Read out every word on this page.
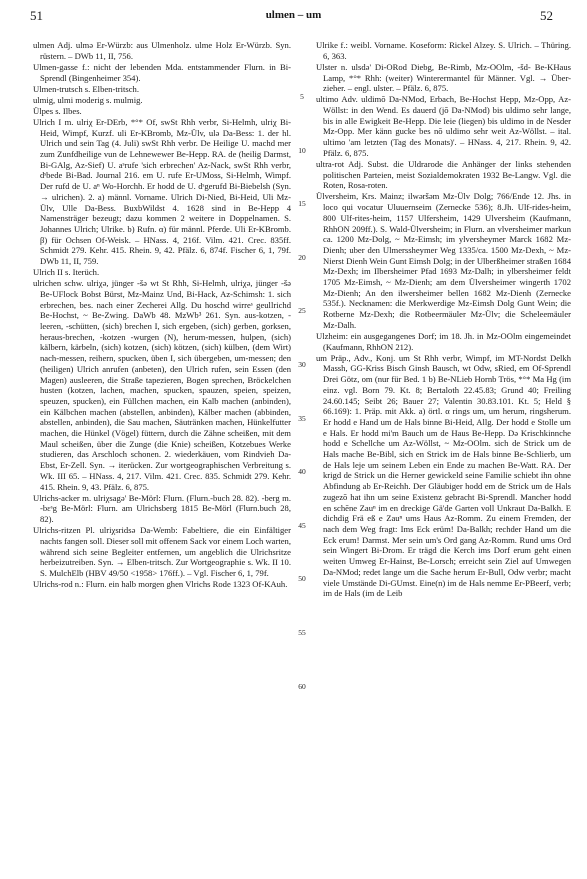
51	ulmen – um	52
5
10
15
20
25
30
35
40
45
50
55
60

ulmen Adj. ulmә Er-Würzb: aus Ulmenholz. ulme Holz Er-Würzb. Syn. rüstern. – DWb 11, II, 756.

Ulmen-gasse f.: nicht der lebenden Mda. entstammender Flurn. in Bi-Sprendl (Bingenheimer 354).

Ulmen-trutsch s. Elben-tritsch.

ulmig, ulmi moderig s. mulmig.

Ülpes s. Ilbes.

Ulrich I m. ulriχ Er-DErb, *°* Of, swSt Rhh verbr, Si-Helmh, ulriχ Bi-Heid, Wimpf, Kurzf. uli Er-KBromb, Mz-Ülv, ulә Da-Bess: 1. der hl. Ulrich und sein Tag (4. Juli) swSt Rhh verbr. De Heilige U. machd mer zum Zunfdheilige vun de Lehnewewer Be-Hepp. RA. de (heilig Darmst, Bi-GAlg, Az-Sief) U. aˢrufe 'sich erbrechen' Az-Nack, swSt Rhh verbr, dˢbede Bi-Bad. Journal 216. em U. rufe Er-UMoss, Si-Helmh, Wimpf. Der rufd de U. aⁿ Wo-Horchh. Er hodd de U. dˢgerufd Bi-Biebelsh (Syn. → ulrichen). 2. a) männl. Vorname. Ulrich Di-Nied, Bi-Heid, Uli Mz-Ülv, Ulle Da-Bess. BuxbWildst 4. 1628 sind in Be-Hepp 4 Namensträger bezeugt; dazu kommen 2 weitere in Doppelnamen. S. Johannes Ulrich; Ulrike. b) Rufn. α) für männl. Pferde. Uli Er-KBromb. β) für Ochsen Of-Weisk. – HNass. 4, 216f. Vilm. 421. Crec. 835ff. Schmidt 279. Kehr. 415. Rhein. 9, 42. Pfälz. 6, 874f. Fischer 6, 1, 79f. DWb 11, II, 759.

Ulrich II s. Iterüch.

ulrichen schw. ulriχә, jünger -šә wt St Rhh, Si-Helmh, ulriχә, jünger -šә Be-UFlock Bobst Bürst, Mz-Mainz Und, Bi-Hack, Az-Schimsh: 1. sich erbrechen, bes. nach einer Zecherei Allg. Du hoschd wirreˢ geullrichd Be-Hochst, ~ Be-Zwing. DaWb 48. MzWb³ 261. Syn. aus-kotzen, -leeren, -schütten, (sich) brechen I, sich ergeben, (sich) gerben, gorksen, heraus-brechen, -kotzen -wurgen (N), herum-messen, hulpen, (sich) kälbern, kärbeln, (sich) kotzen, (sich) kötzen, (sich) külben, (dem Wirt) nach-messen, reihern, spucken, üben I, sich übergeben, um-messen; den (heiligen) Ulrich anrufen (anbeten), den Ulrich rufen, sein Essen (den Magen) ausleeren, die Straße tapezieren, Bogen sprechen, Bröckelchen husten (kotzen, lachen, machen, spucken, spauzen, speien, speizen, speuzen, spucken), ein Füllchen machen, ein Kalb machen (anbinden), ein Kälbchen machen (abstellen, anbinden), Kälber machen (abbinden, abstellen, anbinden), die Sau machen, Säutränken machen, Hünkelfutter machen, die Hünkel (Vögel) füttern, durch die Zähne scheißen, mit dem Maul scheißen, über die Zunge (die Knie) scheißen, Kotzebues Werke studieren, das Arschloch schonen. 2. wiederkäuen, vom Rindvieh Da-Ebst, Er-Zell. Syn. → iterücken. Zur wortgeographischen Verbreitung s. Wk. III 65. – HNass. 4, 217. Vilm. 421. Crec. 835. Schmidt 279. Kehr. 415. Rhein. 9, 43. Pfälz. 6, 875.

Ulrichs-acker m. ulriχsagә' Be-Mörl: Flurn. (Flurn.-buch 28. 82). -berg m. -bεˢg Be-Mörl: Flurn. am Ulrichsberg 1815 Be-Mörl (Flurn.buch 28, 82).

Ulrichs-ritzen Pl. ulriχsridsә Da-Wemb: Fabeltiere, die ein Einfältiger nachts fangen soll. Dieser soll mit offenem Sack vor einem Loch warten, während sich seine Begleiter entfernen, um angeblich die Ulrichsritze herbeizutreiben. Syn. → Elben-tritsch. Zur Wortgeographie s. Wk. II 10. S. MulchElb (HBV 49/50 <1958> 176ff.). – Vgl. Fischer 6, 1, 79f.

Ulrichs-rod n.: Flurn. ein halb morgen ghen Vlrichs Rode 1323 Of-KAuh.

Ulrike f.: weibl. Vorname. Koseform: Rickel Alzey. S. Ulrich. – Thüring. 6, 363.

Ulster n. ulsdә' Di-ORod Diebg, Be-Rimb, Mz-OOlm, -šd- Be-KHaus Lamp, *°* Rhh: (weiter) Winterermantel für Männer. Vgl. → Über-zieher. – engl. ulster. – Pfälz. 6, 875.

ultimo Adv. uldimō Da-NMod, Erbach, Be-Hochst Hepp, Mz-Opp, Az-Wöllst: in den Wend. Es dauerd (jō Da-NMod) bis uldimo sehr lange, bis in alle Ewigkeit Be-Hepp. Die leie (liegen) bis uldimo in de Nesder Mz-Opp. Mer känn gucke bes nō uldimo sehr weit Az-Wöllst. – ital. ultimo 'am letzten (Tag des Monats)'. – HNass. 4, 217. Rhein. 9, 42. Pfälz. 6, 875.

ultra-rot Adj. Subst. die Uldrarode die Anhänger der links stehenden politischen Parteien, meist Sozialdemokraten 1932 Be-Langw. Vgl. die Roten, Rosa-roten.

Ülversheim, Krs. Mainz; ilwәršәm Mz-Ülv Dolg; 766/Ende 12. Jhs. in loco qui vocatur Uluuernseim (Zernecke 536); 8.Jh. Ulf-rides-heim, 800 Ulf-rites-heim, 1157 Ulfersheim, 1429 Ulversheim (Kaufmann, RhhON 209ff.). S. Wald-Ülversheim; in Flurn. an vlversheimer markun ca. 1200 Mz-Dolg, ~ Mz-Eimsh; im ylversheymer Marck 1682 Mz-Dienh; uber den Ulmerssheymer Weg 1335/ca. 1500 Mz-Dexh, ~ Mz-Nierst Dienh Wein Gunt Eimsh Dolg; in der Ulberßheimer straßen 1684 Mz-Dexh; im Ilbersheimer Pfad 1693 Mz-Dalh; in ylbersheimer feldt 1705 Mz-Eimsh, ~ Mz-Dienh; am dem Ülversheimer wingerth 1702 Mz-Dienh; An den ilwersheimer bellen 1682 Mz-Dienh (Zernecke 535f.). Necknamen: die Merkwerdige Mz-Eimsh Dolg Gunt Wein; die Rotberne Mz-Dexh; die Rotbeermäuler Mz-Ülv; die Scheleemäuler Mz-Dalh.

Ulzheim: ein ausgegangenes Dorf; im 18. Jh. in Mz-OOlm eingemeindet (Kaufmann, RhhON 212).

um Präp., Adv., Konj. um St Rhh verbr, Wimpf, im MT-Nordst Delkh Massh, GG-Kriss Bisch Ginsh Bausch, wt Odw, sRied, em Of-Sprendl Drei Götz, om (nur für Bed. 1 b) Be-NLieb Hornb Trös, *°* Ma Hg (im einz. vgl. Born 79. Kt. 8; Bertaloth 22.45.83; Grund 40; Freiling 24.60.145; Seibt 26; Bauer 27; Valentin 30.83.101. Kt. 5; Held § 66.169): 1. Präp. mit Akk. a) örtl. α rings um, um herum, ringsherum. Er hodd e Hand um de Hals binne Bi-Heid, Allg. Der hodd e Stolle um e Hals. Er hodd mi'm Bauch um de Haus Be-Hepp. Dә Krischkinnche hodd e Schellche um Az-Wöllst, ~ Mz-OOlm. sich de Strick um de Hals mache Be-Bibl, sich en Strick im de Hals binne Be-Schlierb, um de Hals leje um seinem Leben ein Ende zu machen Be-Watt. RA. Der krigd de Strick un die Herner gewickeld seine Familie schiebt ihn ohne Abfindung ab Er-Reichh. Der Gläubiger hodd em de Strick um de Hals zugezō hat ihn um seine Existenz gebracht Bi-Sprendl. Mancher hodd en schēne Zauⁿ im en dreckige Gä'de Garten voll Unkraut Da-Balkh. E dichdig Frä eß e Zauⁿ ums Haus Az-Romm. Zu einem Fremden, der nach dem Weg fragt: Ims Eck erüm! Da-Balkh; rechder Hand um die Eck erum! Darmst. Mer sein um's Ord gang Az-Romm. Rund ums Ord sein Wingert Bi-Drom. Er trägd die Kerch ims Dorf erum geht einen weiten Umweg Er-Hainst, Be-Lorsch; erreicht sein Ziel auf Umwegen Da-NMod; redet lange um die Sache herum Er-Bull, Odw verbr; macht viele Umstände Di-GUmst. Eine(n) im de Hals nemme Er-PBeerf, verb; im de Hals (im de Leib
